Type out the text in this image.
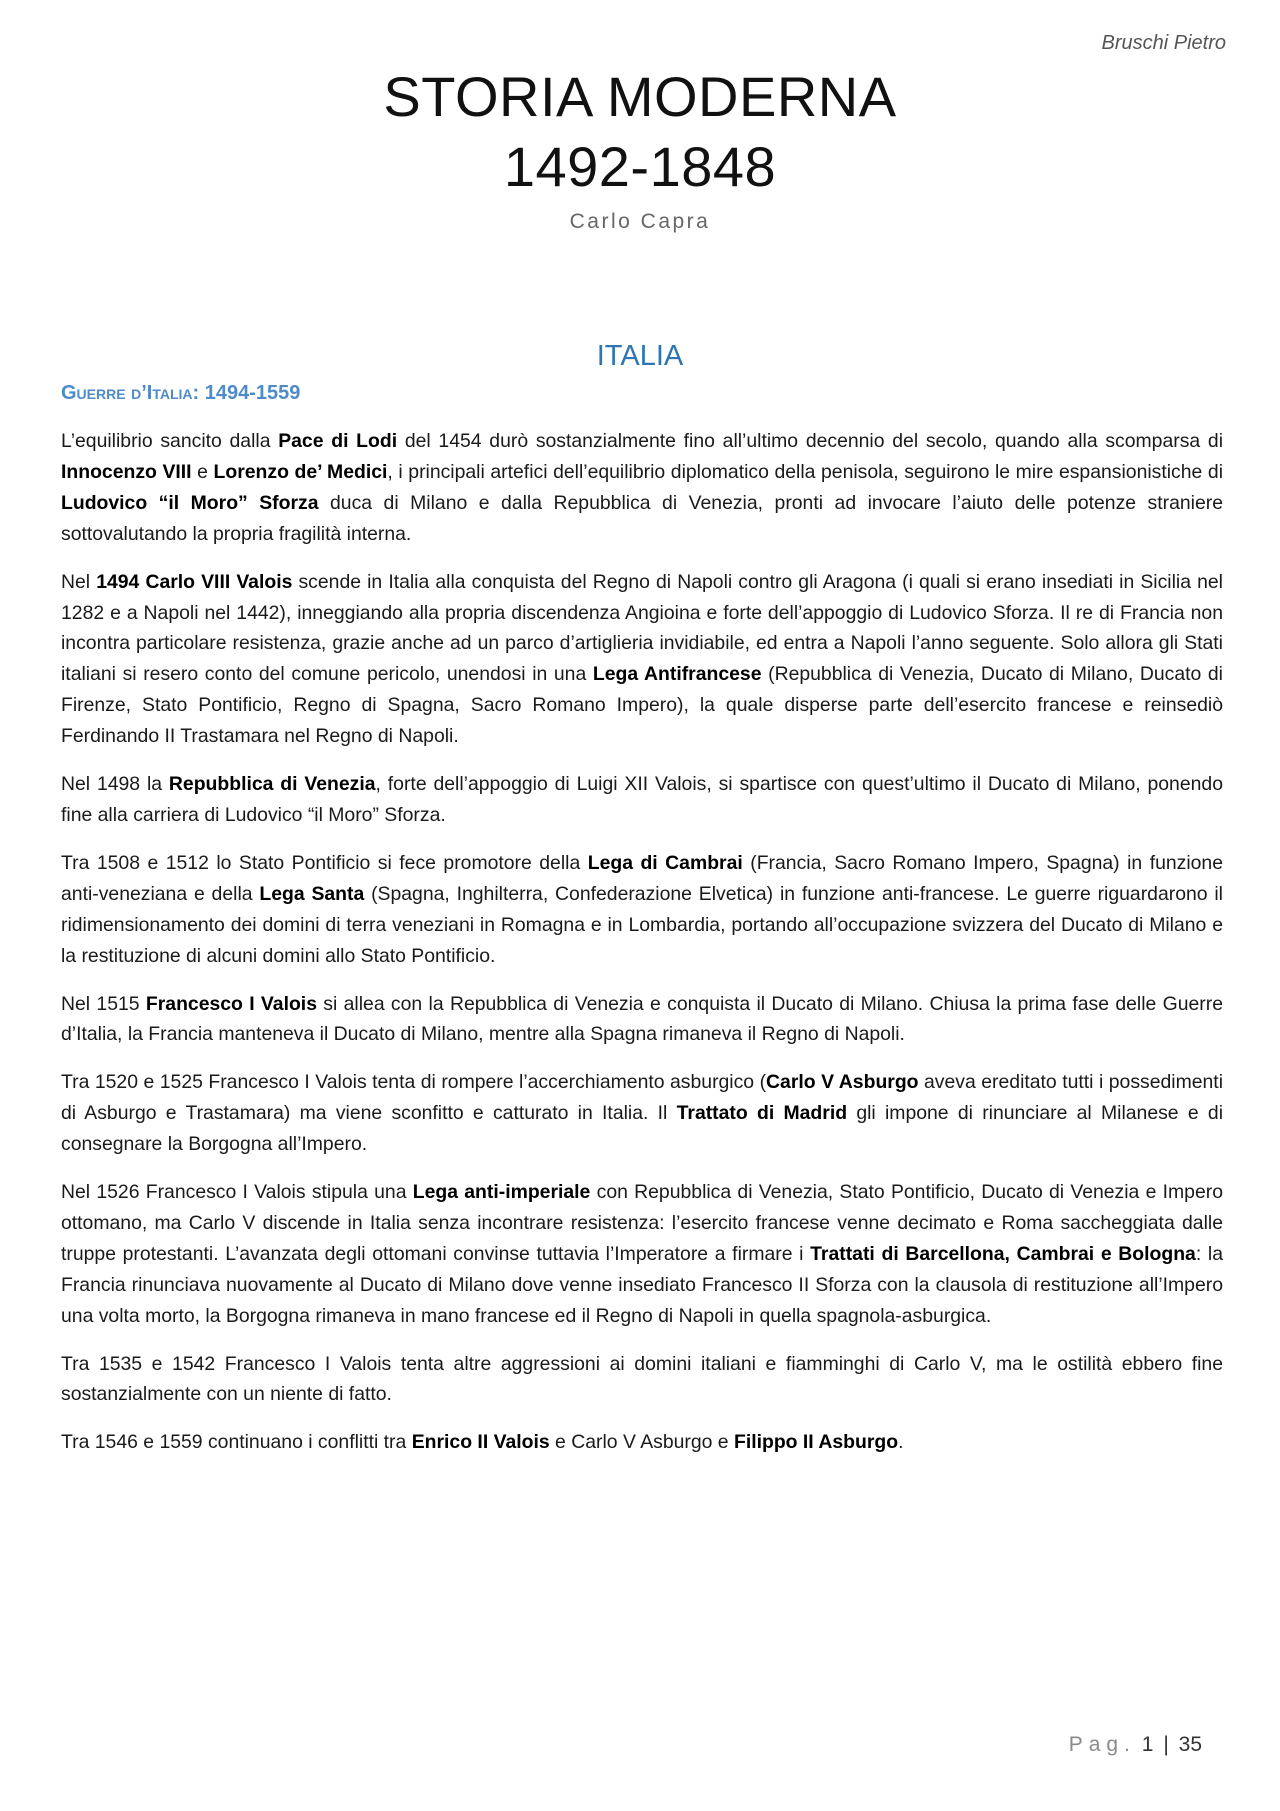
Bruschi Pietro
STORIA MODERNA
1492-1848
Carlo Capra
ITALIA
Guerre d’Italia: 1494-1559

L’equilibrio sancito dalla Pace di Lodi del 1454 durò sostanzialmente fino all’ultimo decennio del secolo, quando alla scomparsa di Innocenzo VIII e Lorenzo de’ Medici, i principali artefici dell’equilibrio diplomatico della penisola, seguirono le mire espansionistiche di Ludovico “il Moro” Sforza duca di Milano e dalla Repubblica di Venezia, pronti ad invocare l’aiuto delle potenze straniere sottovalutando la propria fragilità interna.

Nel 1494 Carlo VIII Valois scende in Italia alla conquista del Regno di Napoli contro gli Aragona (i quali si erano insediati in Sicilia nel 1282 e a Napoli nel 1442), inneggiando alla propria discendenza Angioina e forte dell’appoggio di Ludovico Sforza. Il re di Francia non incontra particolare resistenza, grazie anche ad un parco d’artiglieria invidiabile, ed entra a Napoli l’anno seguente. Solo allora gli Stati italiani si resero conto del comune pericolo, unendosi in una Lega Antifrancese (Repubblica di Venezia, Ducato di Milano, Ducato di Firenze, Stato Pontificio, Regno di Spagna, Sacro Romano Impero), la quale disperse parte dell’esercito francese e reinsediò Ferdinando II Trastamara nel Regno di Napoli.

Nel 1498 la Repubblica di Venezia, forte dell’appoggio di Luigi XII Valois, si spartisce con quest’ultimo il Ducato di Milano, ponendo fine alla carriera di Ludovico “il Moro” Sforza.

Tra 1508 e 1512 lo Stato Pontificio si fece promotore della Lega di Cambrai (Francia, Sacro Romano Impero, Spagna) in funzione anti-veneziana e della Lega Santa (Spagna, Inghilterra, Confederazione Elvetica) in funzione anti-francese. Le guerre riguardarono il ridimensionamento dei domini di terra veneziani in Romagna e in Lombardia, portando all’occupazione svizzera del Ducato di Milano e la restituzione di alcuni domini allo Stato Pontificio.

Nel 1515 Francesco I Valois si allea con la Repubblica di Venezia e conquista il Ducato di Milano. Chiusa la prima fase delle Guerre d’Italia, la Francia manteneva il Ducato di Milano, mentre alla Spagna rimaneva il Regno di Napoli.

Tra 1520 e 1525 Francesco I Valois tenta di rompere l’accerchiamento asburgico (Carlo V Asburgo aveva ereditato tutti i possedimenti di Asburgo e Trastamara) ma viene sconfitto e catturato in Italia. Il Trattato di Madrid gli impone di rinunciare al Milanese e di consegnare la Borgogna all’Impero.

Nel 1526 Francesco I Valois stipula una Lega anti-imperiale con Repubblica di Venezia, Stato Pontificio, Ducato di Venezia e Impero ottomano, ma Carlo V discende in Italia senza incontrare resistenza: l’esercito francese venne decimato e Roma saccheggiata dalle truppe protestanti. L’avanzata degli ottomani convinse tuttavia l’Imperatore a firmare i Trattati di Barcellona, Cambrai e Bologna: la Francia rinunciava nuovamente al Ducato di Milano dove venne insediato Francesco II Sforza con la clausola di restituzione all’Impero una volta morto, la Borgogna rimaneva in mano francese ed il Regno di Napoli in quella spagnola-asburgica.

Tra 1535 e 1542 Francesco I Valois tenta altre aggressioni ai domini italiani e fiamminghi di Carlo V, ma le ostilità ebbero fine sostanzialmente con un niente di fatto.

Tra 1546 e 1559 continuano i conflitti tra Enrico II Valois e Carlo V Asburgo e Filippo II Asburgo.

Pag. 1 | 35
